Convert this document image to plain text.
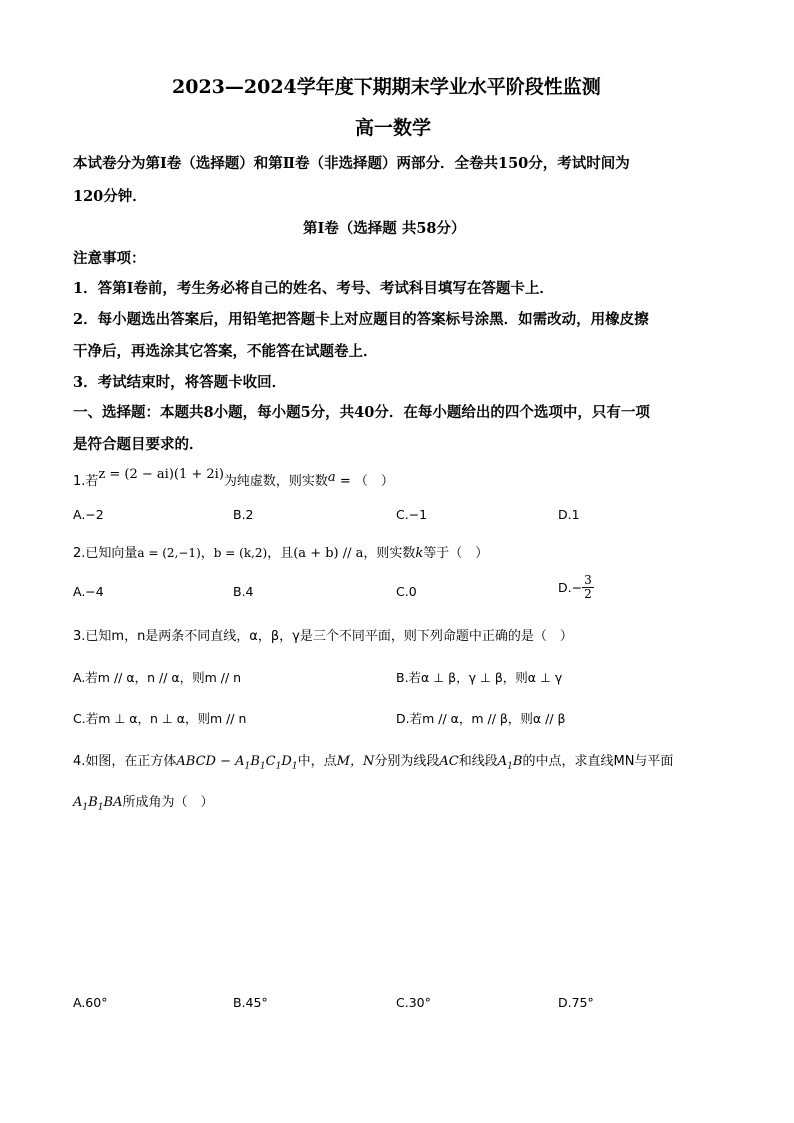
2023—2024学年度下期期末学业水平阶段性监测
高一数学
本试卷分为第Ⅰ卷（选择题）和第Ⅱ卷（非选择题）两部分．全卷共150分，考试时间为
120分钟．
第Ⅰ卷（选择题 共58分）
注意事项：
1．答第Ⅰ卷前，考生务必将自己的姓名、考号、考试科目填写在答题卡上．
2．每小题选出答案后，用铅笔把答题卡上对应题目的答案标号涂黑．如需改动，用橡皮擦
干净后，再选涂其它答案，不能答在试题卷上．
3．考试结束时，将答题卡收回．
一、选择题：本题共8小题，每小题5分，共40分．在每小题给出的四个选项中，只有一项
是符合题目要求的．
1.若z = (2 − ai)(1 + 2i)为纯虚数，则实数a = （　）
A.−2	B.2	C.−1	D.1
2.已知向量a = (2,−1)，b = (k,2)，且(a + b) // a，则实数k等于（　）
A.−4	B.4	C.0	$D.- \frac{3}{2}$
3.已知m，n是两条不同直线，α，β，γ是三个不同平面，则下列命题中正确的是（　）
A.若m // α，n // α，则m // n	B.若α ⊥ β，γ ⊥ β，则α ⊥ γ
C.若m ⊥ α，n ⊥ α，则m // n	D.若m // α，m // β，则α // β
4.如图，在正方体ABCD − $A_1B_1C_1D_1$中，点M，N分别为线段AC和线段$A_1B$的中点，求直线MN与平面
$A_1B_1BA$所成角为（　）
A.60°	B.45°	C.30°	D.75°
